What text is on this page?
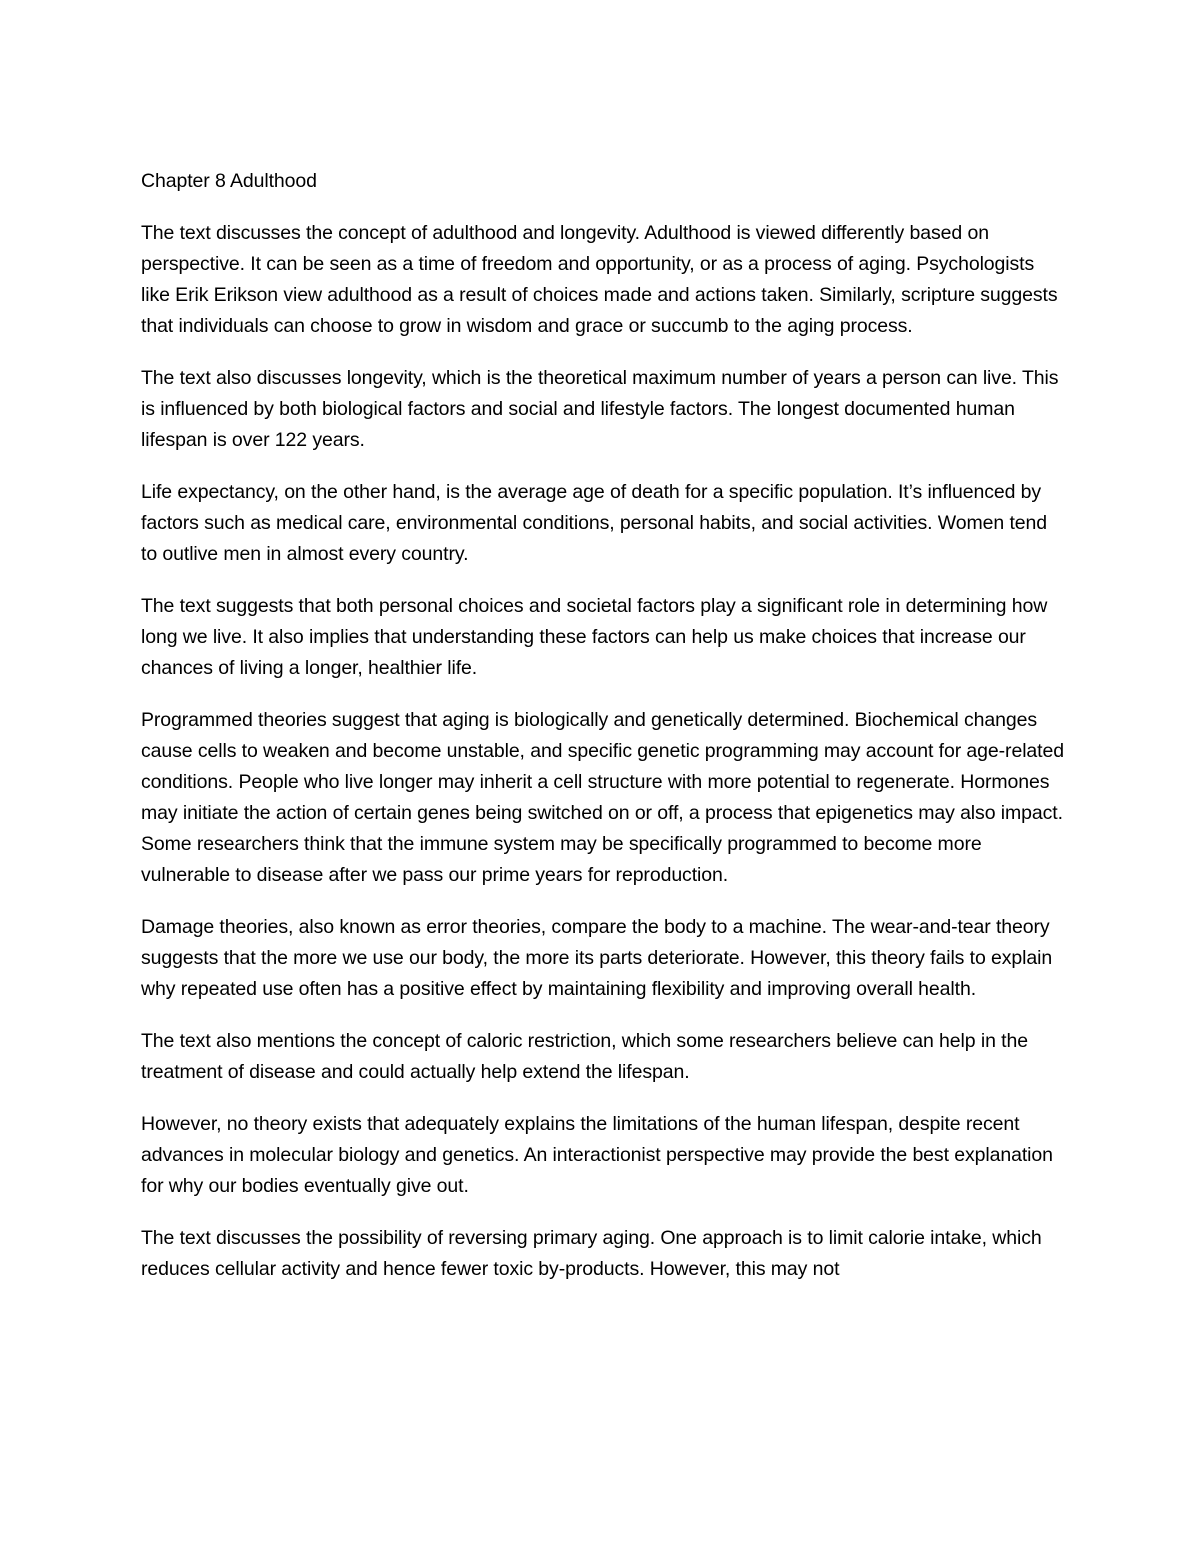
Chapter 8 Adulthood

The text discusses the concept of adulthood and longevity. Adulthood is viewed differently based on perspective. It can be seen as a time of freedom and opportunity, or as a process of aging. Psychologists like Erik Erikson view adulthood as a result of choices made and actions taken. Similarly, scripture suggests that individuals can choose to grow in wisdom and grace or succumb to the aging process.

The text also discusses longevity, which is the theoretical maximum number of years a person can live. This is influenced by both biological factors and social and lifestyle factors. The longest documented human lifespan is over 122 years.

Life expectancy, on the other hand, is the average age of death for a specific population. It’s influenced by factors such as medical care, environmental conditions, personal habits, and social activities. Women tend to outlive men in almost every country.

The text suggests that both personal choices and societal factors play a significant role in determining how long we live. It also implies that understanding these factors can help us make choices that increase our chances of living a longer, healthier life.

Programmed theories suggest that aging is biologically and genetically determined. Biochemical changes cause cells to weaken and become unstable, and specific genetic programming may account for age-related conditions. People who live longer may inherit a cell structure with more potential to regenerate. Hormones may initiate the action of certain genes being switched on or off, a process that epigenetics may also impact. Some researchers think that the immune system may be specifically programmed to become more vulnerable to disease after we pass our prime years for reproduction.

Damage theories, also known as error theories, compare the body to a machine. The wear-and-tear theory suggests that the more we use our body, the more its parts deteriorate. However, this theory fails to explain why repeated use often has a positive effect by maintaining flexibility and improving overall health.

The text also mentions the concept of caloric restriction, which some researchers believe can help in the treatment of disease and could actually help extend the lifespan.

However, no theory exists that adequately explains the limitations of the human lifespan, despite recent advances in molecular biology and genetics. An interactionist perspective may provide the best explanation for why our bodies eventually give out.

The text discusses the possibility of reversing primary aging. One approach is to limit calorie intake, which reduces cellular activity and hence fewer toxic by-products. However, this may not
